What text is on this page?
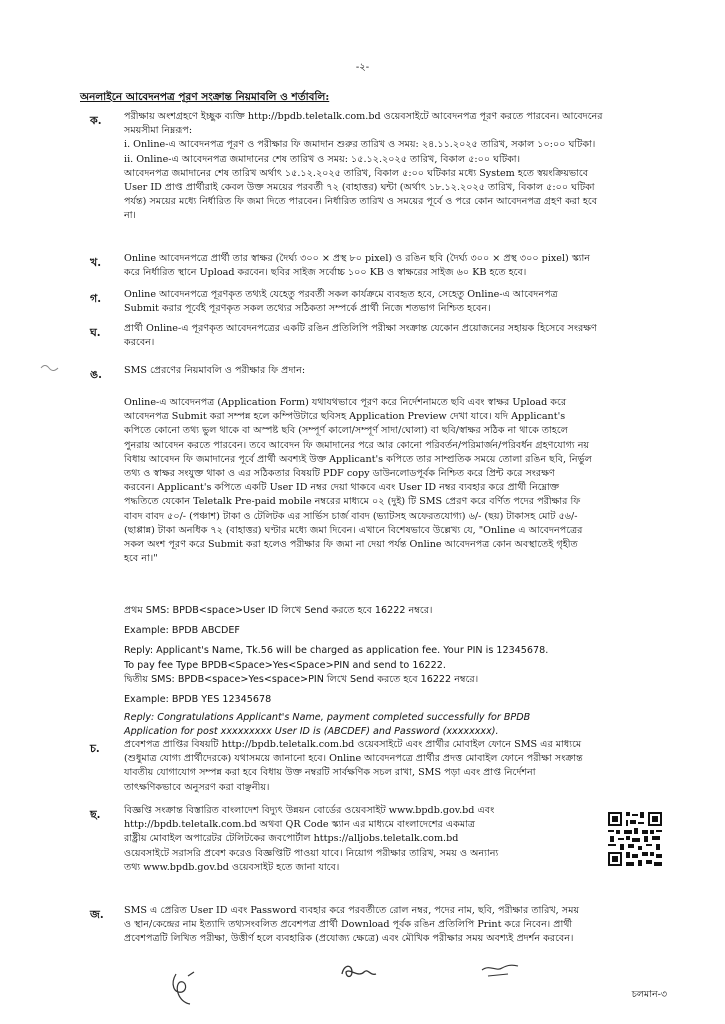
-২-
অনলাইনে আবেদনপত্র পূরণ সংক্রান্ত নিয়মাবলি ও শর্তাবলি:
ক. পরীক্ষায় অংশগ্রহণে ইচ্ছুক ব্যক্তি http://bpdb.teletalk.com.bd ওয়েবসাইটে আবেদনপত্র পূরণ করতে পারবেন। আবেদনের

সময়সীমা নিম্নরূপ:

i. Online-এ আবেদনপত্র পূরণ ও পরীক্ষার ফি জমাদান শুরুর তারিখ ও সময়: ২৪.১১.২০২৫ তারিখ, সকাল ১০:০০ ঘটিকা।

ii. Online-এ আবেদনপত্র জমাদানের শেষ তারিখ ও সময়: ১৫.১২.২০২৫ তারিখ, বিকাল ৫:০০ ঘটিকা।

আবেদনপত্র জমাদানের শেষ তারিখ অর্থাৎ ১৫.১২.২০২৫ তারিখ, বিকাল ৫:০০ ঘটিকার মধ্যে System হতে স্বয়ংক্রিয়ভাবে

User ID প্রাপ্ত প্রার্থীরাই কেবল উক্ত সময়ের পরবর্তী ৭২ (বাহাত্তর) ঘন্টা (অর্থাৎ ১৮.১২.২০২৫ তারিখ, বিকাল ৫:০০ ঘটিকা

পর্যন্ত) সময়ের মধ্যে নির্ধারিত ফি জমা দিতে পারবেন। নির্ধারিত তারিখ ও সময়ের পূর্বে ও পরে কোন আবেদনপত্র গ্রহণ করা হবে

না।

খ. Online আবেদনপত্রে প্রার্থী তার স্বাক্ষর (দৈর্ঘ্য ৩০০ × প্রস্থ ৮০ pixel) ও রঙিন ছবি (দৈর্ঘ্য ৩০০ × প্রস্থ ৩০০ pixel) স্ক্যান

করে নির্ধারিত স্থানে Upload করবেন। ছবির সাইজ সর্বোচ্চ ১০০ KB ও স্বাক্ষরের সাইজ ৬০ KB হতে হবে।

গ. Online আবেদনপত্রে পূরণকৃত তথ্যই যেহেতু পরবর্তী সকল কার্যক্রমে ব্যবহৃত হবে, সেহেতু Online-এ আবেদনপত্র

Submit করার পূর্বেই পূরণকৃত সকল তথ্যের সঠিকতা সম্পর্কে প্রার্থী নিজে শতভাগ নিশ্চিত হবেন।

ঘ. প্রার্থী Online-এ পূরণকৃত আবেদনপত্রের একটি রঙিন প্রতিলিপি পরীক্ষা সংক্রান্ত যেকোন প্রয়োজনের সহায়ক হিসেবে সংরক্ষণ

করবেন।

ঙ. SMS প্রেরণের নিয়মাবলি ও পরীক্ষার ফি প্রদান:

Online-এ আবেদনপত্র (Application Form) যথাযথভাবে পূরণ করে নির্দেশনামতে ছবি এবং স্বাক্ষর Upload করে

আবেদনপত্র Submit করা সম্পন্ন হলে কম্পিউটারে ছবিসহ Application Preview দেখা যাবে। যদি Applicant's

কপিতে কোনো তথ্য ভুল থাকে বা অস্পষ্ট ছবি (সম্পূর্ণ কালো/সম্পূর্ণ সাদা/ঘোলা) বা ছবি/স্বাক্ষর সঠিক না থাকে তাহলে

পুনরায় আবেদন করতে পারবেন। তবে আবেদন ফি জমাদানের পরে আর কোনো পরিবর্তন/পরিমার্জন/পরিবর্ধন গ্রহণযোগ্য নয়

বিধায় আবেদন ফি জমাদানের পূর্বে প্রার্থী অবশ্যই উক্ত Applicant's কপিতে তার সাম্প্রতিক সময়ে তোলা রঙিন ছবি, নির্ভুল

তথ্য ও স্বাক্ষর সংযুক্ত থাকা ও এর সঠিকতার বিষয়টি PDF copy ডাউনলোডপূর্বক নিশ্চিত করে প্রিন্ট করে সংরক্ষণ

করবেন। Applicant's কপিতে একটি User ID নম্বর দেয়া থাকবে এবং User ID নম্বর ব্যবহার করে প্রার্থী নিম্নোক্ত

পদ্ধতিতে যেকোন Teletalk Pre-paid mobile নম্বরের মাধ্যমে ০২ (দুই) টি SMS প্রেরণ করে বর্ণিত পদের পরীক্ষার ফি

বাবদ বাবদ ৫০/- (পঞ্চাশ) টাকা ও টেলিটক এর সার্ভিস চার্জ বাবদ (ভ্যাটসহ অফেরতযোগ্য) ৬/- (ছয়) টাকাসহ মোট ৫৬/-

(ছাপ্পান্ন) টাকা অনধিক ৭২ (বাহাত্তর) ঘণ্টার মধ্যে জমা দিবেন। এখানে বিশেষভাবে উল্লেখ্য যে, "Online এ আবেদনপত্রের

সকল অংশ পূরণ করে Submit করা হলেও পরীক্ষার ফি জমা না দেয়া পর্যন্ত Online আবেদনপত্র কোন অবস্থাতেই গৃহীত

হবে না।"

প্রথম SMS: BPDB<space>User ID লিখে Send করতে হবে 16222 নম্বরে।

Example: BPDB ABCDEF

Reply: Applicant's Name, Tk.56 will be charged as application fee. Your PIN is 12345678.

To pay fee Type BPDB<Space>Yes<Space>PIN and send to 16222.

দ্বিতীয় SMS: BPDB<space>Yes<space>PIN লিখে Send করতে হবে 16222 নম্বরে।

Example: BPDB YES 12345678

Reply: Congratulations Applicant's Name, payment completed successfully for BPDB

Application for post xxxxxxxxx User ID is (ABCDEF) and Password (xxxxxxxx).

চ.	প্রবেশপত্র প্রাপ্তির বিষয়টি http://bpdb.teletalk.com.bd ওয়েবসাইটে এবং প্রার্থীর মোবাইল ফোনে SMS এর মাধ্যমে

(শুধুমাত্র যোগ্য প্রার্থীদেরকে) যথাসময়ে জানানো হবে। Online আবেদনপত্রে প্রার্থীর প্রদত্ত মোবাইল ফোনে পরীক্ষা সংক্রান্ত

যাবতীয় যোগাযোগ সম্পন্ন করা হবে বিধায় উক্ত নম্বরটি সার্বক্ষণিক সচল রাখা, SMS পড়া এবং প্রাপ্ত নির্দেশনা

তাৎক্ষণিকভাবে অনুসরণ করা বাঞ্ছনীয়।

ছ. বিজ্ঞপ্তি সংক্রান্ত বিস্তারিত বাংলাদেশ বিদ্যুৎ উন্নয়ন বোর্ডের ওয়েবসাইট www.bpdb.gov.bd এবং

http://bpdb.teletalk.com.bd অথবা QR Code স্ক্যান এর মাধ্যমে বাংলাদেশের একমাত্র

রাষ্ট্রীয় মোবাইল অপারেটর টেলিটকের জবপোর্টাল https://alljobs.teletalk.com.bd

ওয়েবসাইটে সরাসরি প্রবেশ করেও বিজ্ঞপ্তিটি পাওয়া যাবে। নিয়োগ পরীক্ষার তারিখ, সময় ও অন্যান্য

তথ্য www.bpdb.gov.bd ওয়েবসাইট হতে জানা যাবে।

জ. SMS এ প্রেরিত User ID এবং Password ব্যবহার করে পরবর্তীতে রোল নম্বর, পদের নাম, ছবি, পরীক্ষার তারিখ, সময়

ও স্থান/কেন্দ্রের নাম ইত্যাদি তথ্যসংবলিত প্রবেশপত্র প্রার্থী Download পূর্বক রঙিন প্রতিলিপি Print করে নিবেন। প্রার্থী

প্রবেশপত্রটি লিখিত পরীক্ষা, উত্তীর্ণ হলে ব্যবহারিক (প্রযোজ্য ক্ষেত্রে) এবং মৌখিক পরীক্ষার সময় অবশ্যই প্রদর্শন করবেন।

চলমান-৩
